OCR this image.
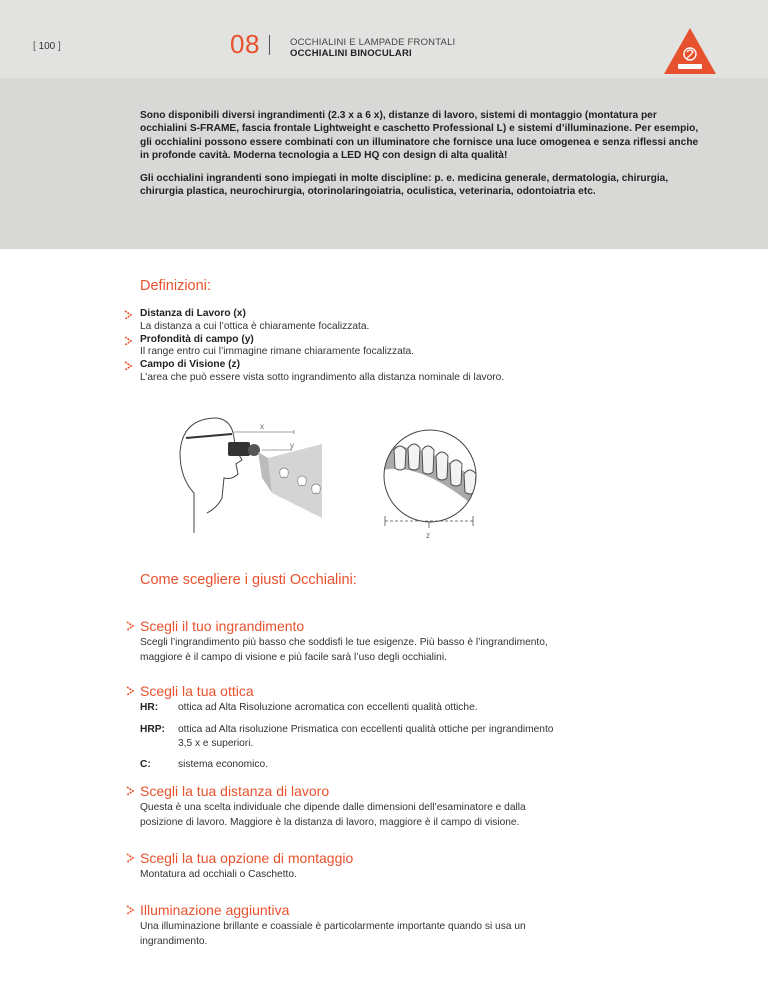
[ 100 ]	08	OCCHIALINI E LAMPADE FRONTALI
OCCHIALINI BINOCULARI

Sono disponibili diversi ingrandimenti (2.3 x a 6 x), distanze di lavoro, sistemi di montaggio (montatura per occhialini S-FRAME, fascia frontale Lightweight e caschetto Professional L) e sistemi d’illuminazione. Per esempio, gli occhialini possono essere combinati con un illuminatore che fornisce una luce omogenea e senza riflessi anche in profonde cavità. Moderna tecnologia a LED HQ con design di alta qualità!

Gli occhialini ingrandenti sono impiegati in molte discipline: p. e. medicina generale, dermatologia, chirurgia, chirurgia plastica, neurochirurgia, otorinolaringoiatria, oculistica, veterinaria, odontoiatria etc.

Definizioni:
Distanza di Lavoro (x)
La distanza a cui l’ottica è chiaramente focalizzata.
Profondità di campo (y)
Il range entro cui l’immagine rimane chiaramente focalizzata.
Campo di Visione (z)
L’area che può essere vista sotto ingrandimento alla distanza nominale di lavoro.
x
y
z
Come scegliere i giusti Occhialini:
Scegli il tuo ingrandimento
Scegli l’ingrandimento più basso che soddisfi le tue esigenze. Più basso è l’ingrandimento, maggiore è il campo di visione e più facile sarà l’uso degli occhialini.
Scegli la tua ottica
HR:	ottica ad Alta Risoluzione acromatica con eccellenti qualità ottiche.
HRP:	ottica ad Alta risoluzione Prismatica con eccellenti qualità ottiche per ingrandimento 3,5 x e superiori.
C:	sistema economico.
Scegli la tua distanza di lavoro
Questa è una scelta individuale che dipende dalle dimensioni dell’esaminatore e dalla posizione di lavoro. Maggiore è la distanza di lavoro, maggiore è il campo di visione.
Scegli la tua opzione di montaggio
Montatura ad occhiali o Caschetto.
Illuminazione aggiuntiva
Una illuminazione brillante e coassiale è particolarmente importante quando si usa un ingrandimento.
